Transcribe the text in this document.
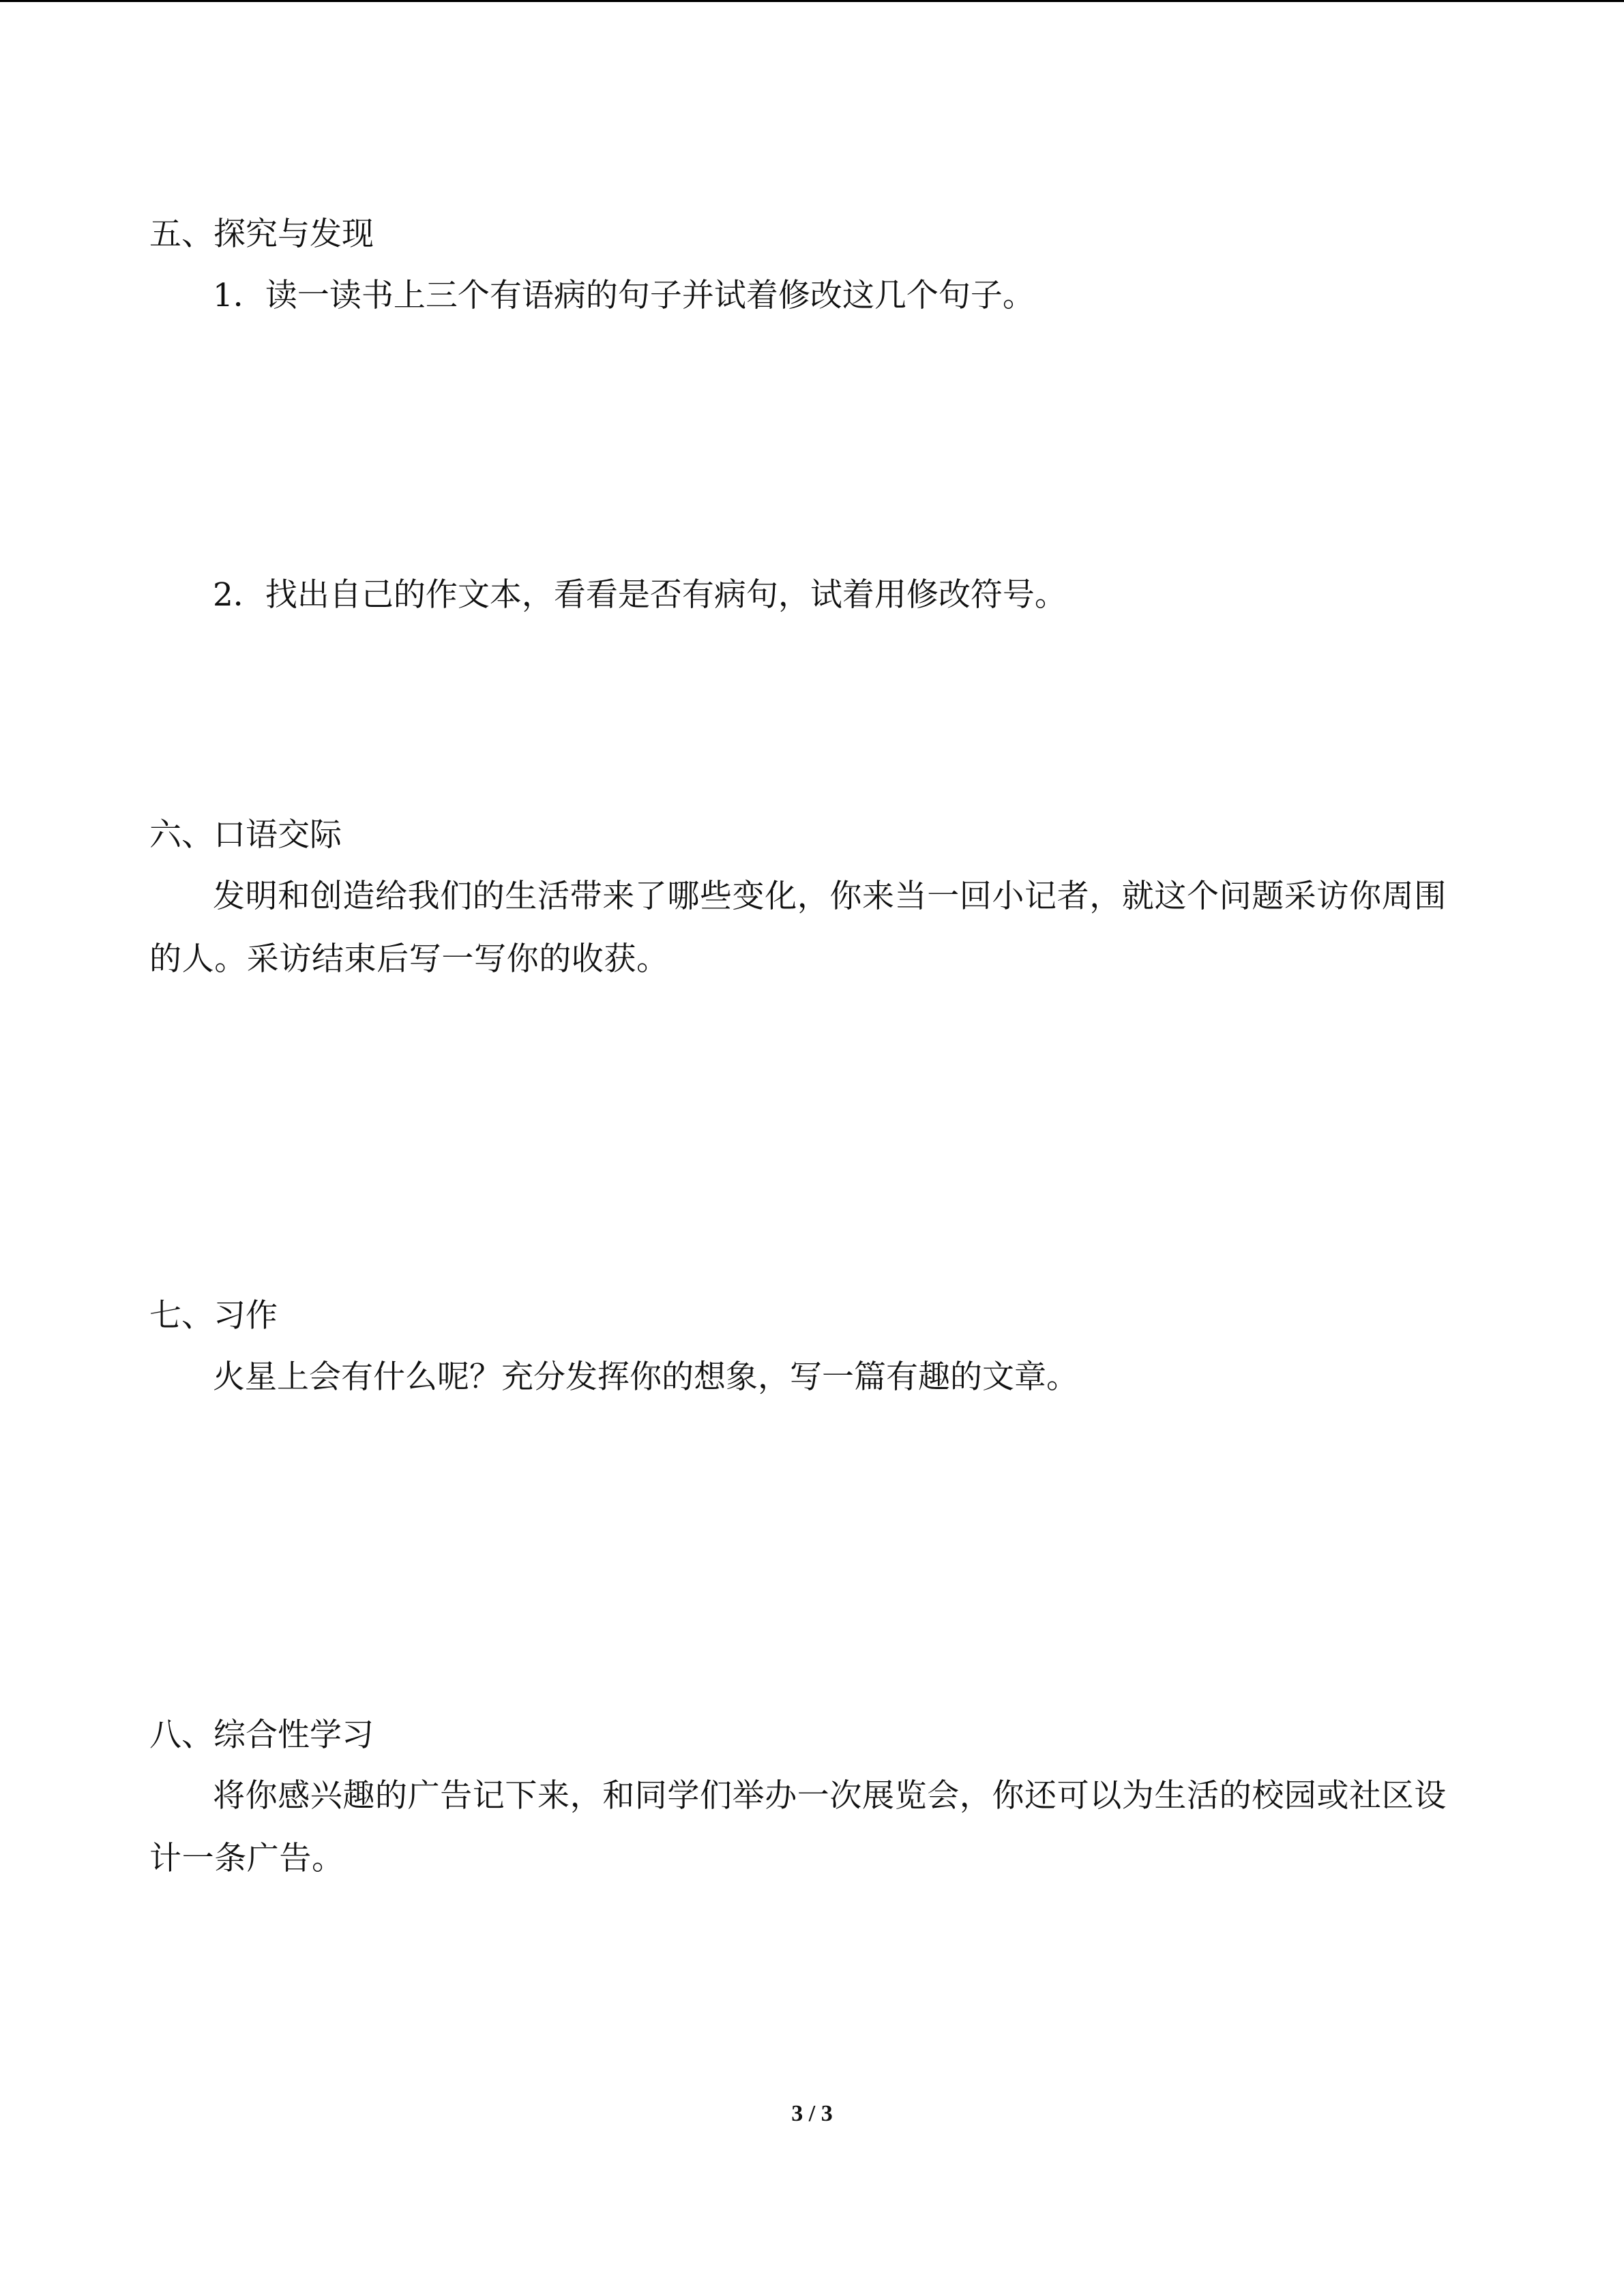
五、探究与发现

1．读一读书上三个有语病的句子并试着修改这几个句子。

2．找出自己的作文本，看看是否有病句，试着用修改符号。

六、口语交际

发明和创造给我们的生活带来了哪些变化，你来当一回小记者，就这个问题采访你周围的人。采访结束后写一写你的收获。

七、习作

火星上会有什么呢？充分发挥你的想象，写一篇有趣的文章。

八、综合性学习

将你感兴趣的广告记下来，和同学们举办一次展览会，你还可以为生活的校园或社区设计一条广告。

3 / 3
